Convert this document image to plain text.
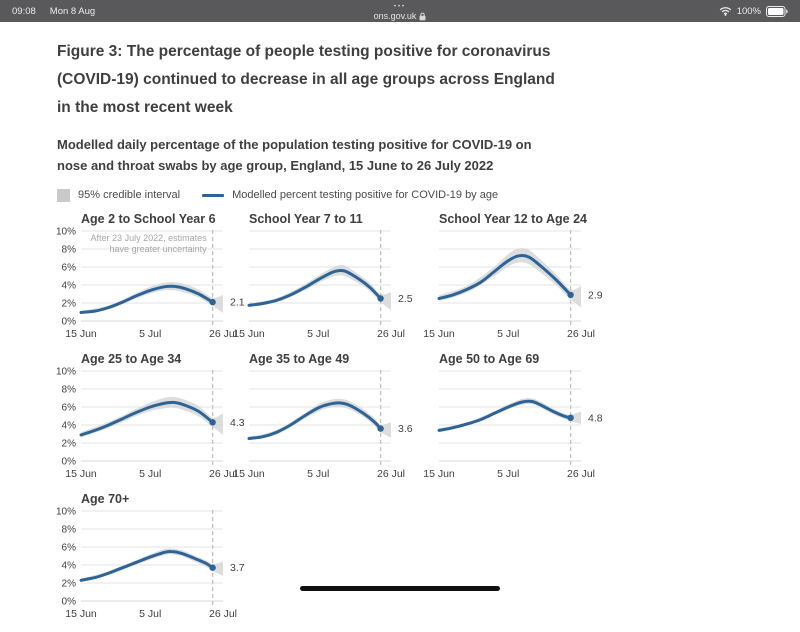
09:08 Mon 8 Aug	•••
ons.gov.uk	100%
Figure 3: The percentage of people testing positive for coronavirus (COVID-19) continued to decrease in all age groups across England in the most recent week
Modelled daily percentage of the population testing positive for COVID-19 on nose and throat swabs by age group, England, 15 June to 26 July 2022
95% credible interval	Modelled percent testing positive for COVID-19 by age
Age 2 to School Year 6
0%
2%
4%
6%
8%
10%
After 23 July 2022, estimates
have greater uncertainty
2.1
15 Jun	5 Jul	26 Jul
School Year 7 to 11
2.5
15 Jun	5 Jul	26 Jul
School Year 12 to Age 24
2.9
15 Jun	5 Jul	26 Jul
Age 25 to Age 34
0%
2%
4%
6%
8%
10%
4.3
15 Jun	5 Jul	26 Jul
Age 35 to Age 49
3.6
15 Jun	5 Jul	26 Jul
Age 50 to Age 69
4.8
15 Jun	5 Jul	26 Jul
Age 70+
0%
2%
4%
6%
8%
10%
3.7
15 Jun	5 Jul	26 Jul
